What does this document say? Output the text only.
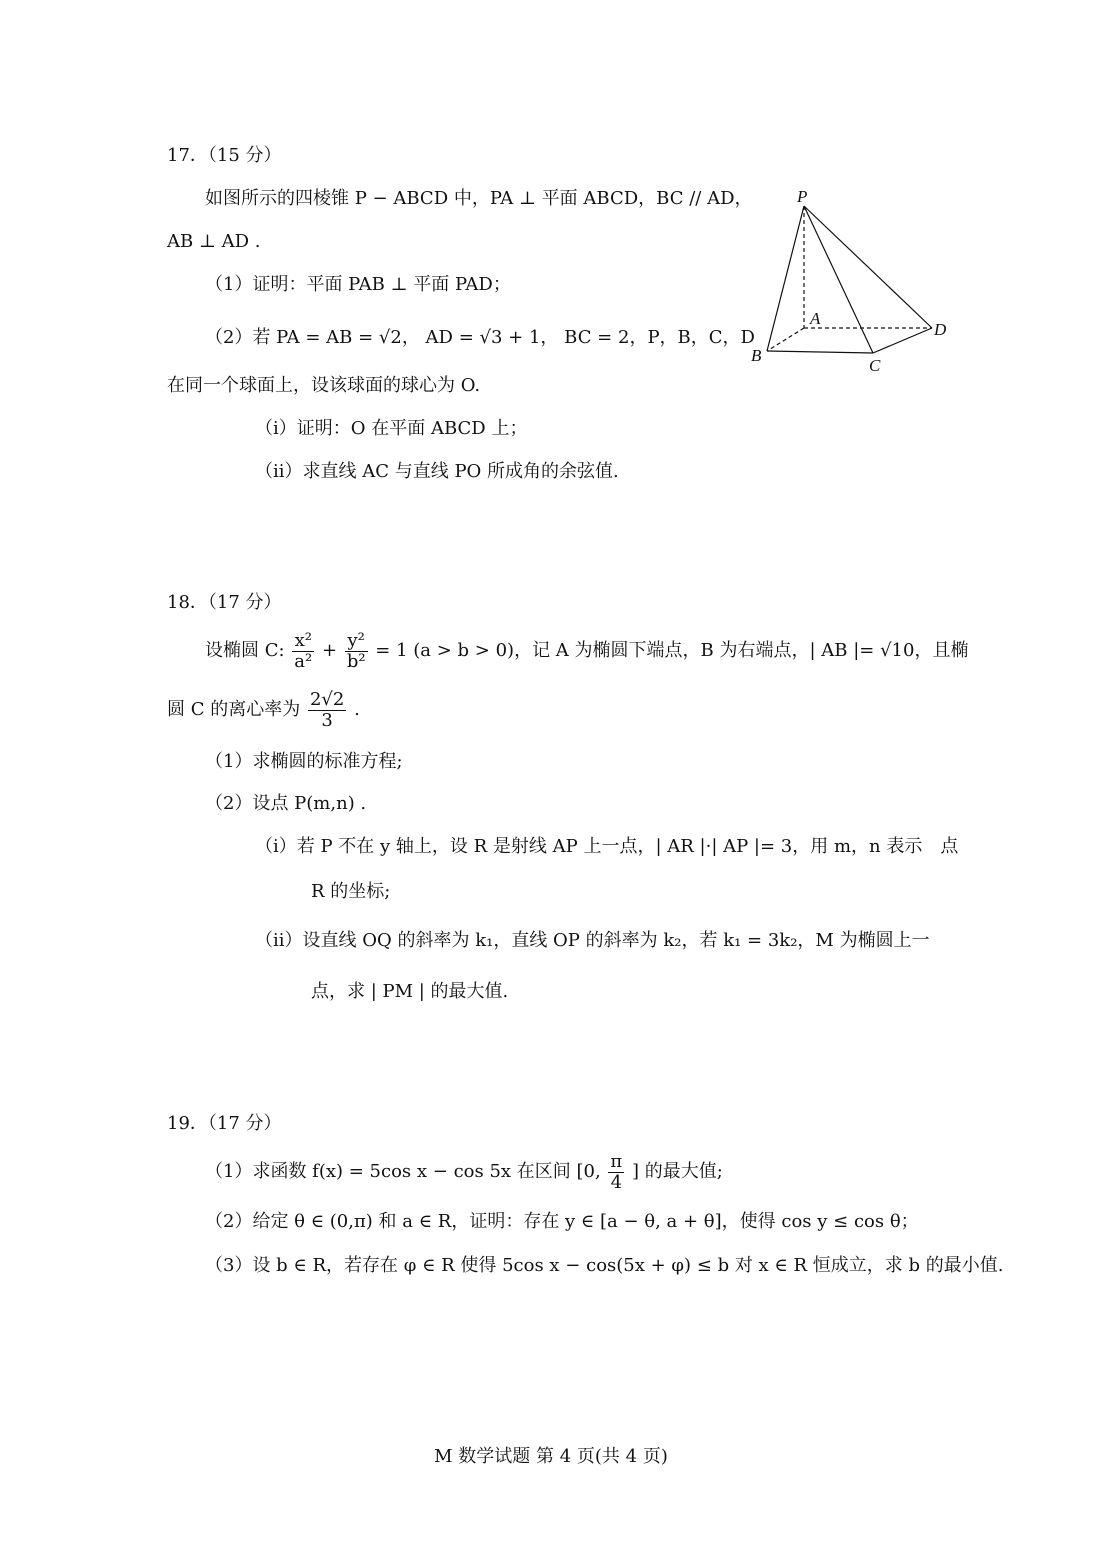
17．（15 分）
如图所示的四棱锥 P − ABCD 中，PA ⊥ 平面 ABCD，BC // AD，
AB ⊥ AD .
（1）证明：平面 PAB ⊥ 平面 PAD；
（2）若 PA = AB = √2， AD = √3 + 1， BC = 2，P，B，C，D
在同一个球面上，设该球面的球心为 O.
（ⅰ）证明：O 在平面 ABCD 上；
（ⅱ）求直线 AC 与直线 PO 所成角的余弦值.
P
A
B
C
D
18．（17 分）
设椭圆 C: $\frac{\text{x²}}{\text{a²}} + \frac{\text{y²}}{\text{b²}} = 1$ (a > b > 0)，记 A 为椭圆下端点，B 为右端点，| AB |= √10，且椭
圆 C 的离心率为 $\frac{2√2}{3}$ .
（1）求椭圆的标准方程;
（2）设点 P(m,n) .
（ⅰ）若 P 不在 y 轴上，设 R 是射线 AP 上一点，| AR |·| AP |= 3，用 m，n 表示　点
R 的坐标;
（ⅱ）设直线 OQ 的斜率为 k₁，直线 OP 的斜率为 k₂，若 k₁ = 3k₂，M 为椭圆上一
点，求 | PM | 的最大值.
19．（17 分）
（1）求函数 f(x) = 5cos x − cos 5x 在区间 [0, $\frac{\pi}{4}$ ] 的最大值;
（2）给定 θ ∈ (0,π) 和 a ∈ R，证明：存在 y ∈ [a − θ, a + θ]，使得 cos y ≤ cos θ；
（3）设 b ∈ R，若存在 φ ∈ R 使得 5cos x − cos(5x + φ) ≤ b 对 x ∈ R 恒成立，求 b 的最小值.
M 数学试题 第 4 页(共 4 页)
